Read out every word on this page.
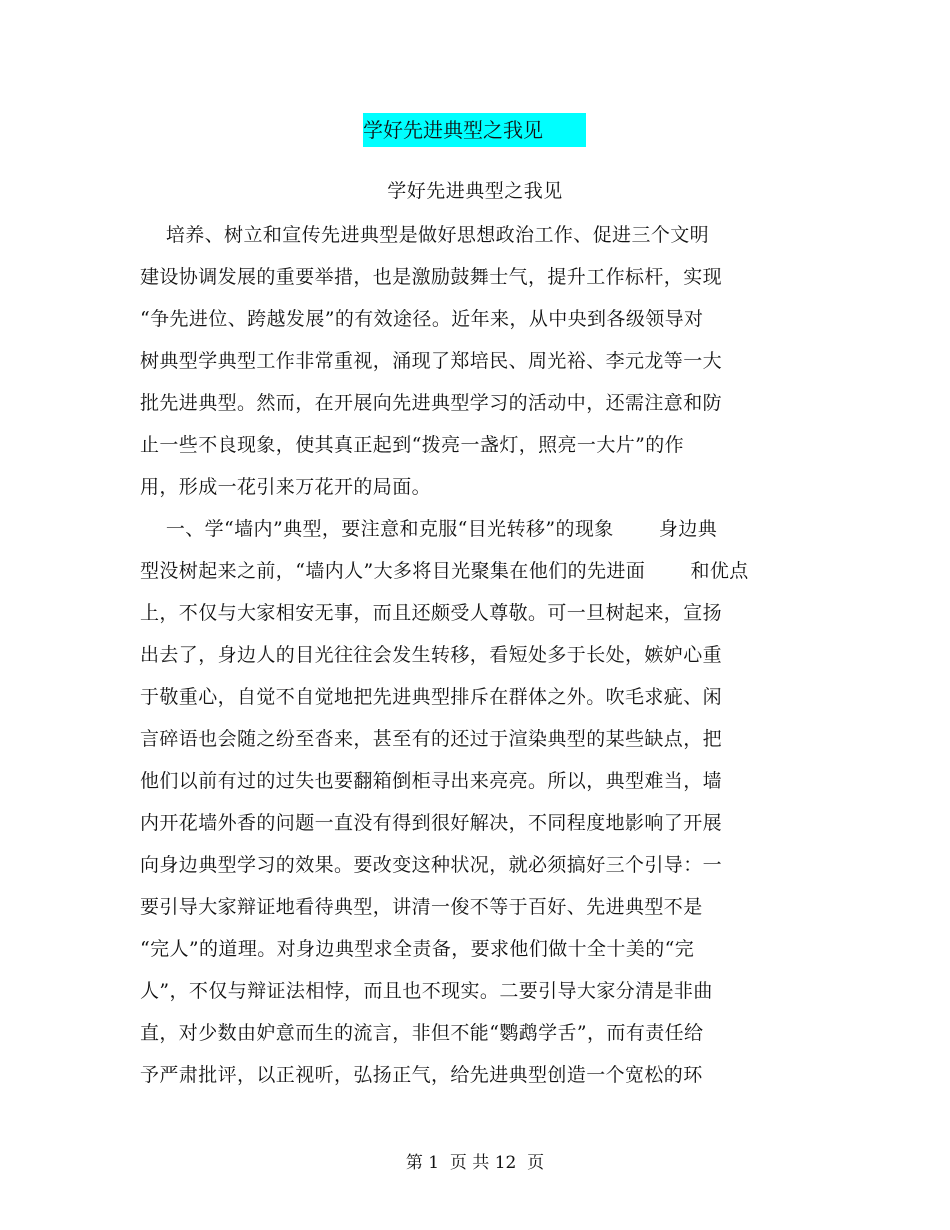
学好先进典型之我见
学好先进典型之我见
　 培养、树立和宣传先进典型是做好思想政治工作、促进三个文明
建设协调发展的重要举措，也是激励鼓舞士气，提升工作标杆，实现
“争先进位、跨越发展”的有效途径。近年来，从中央到各级领导对
树典型学典型工作非常重视，涌现了郑培民、周光裕、李元龙等一大
批先进典型。然而，在开展向先进典型学习的活动中，还需注意和防
止一些不良现象，使其真正起到“拨亮一盏灯，照亮一大片”的作
用，形成一花引来万花开的局面。
　 一、学“墙内”典型，要注意和克服“目光转移”的现象　　 身边典
型没树起来之前，“墙内人”大多将目光聚集在他们的先进面　　 和优点
上，不仅与大家相安无事，而且还颇受人尊敬。可一旦树起来，宣扬
出去了，身边人的目光往往会发生转移，看短处多于长处，嫉妒心重
于敬重心，自觉不自觉地把先进典型排斥在群体之外。吹毛求疵、闲
言碎语也会随之纷至沓来，甚至有的还过于渲染典型的某些缺点，把
他们以前有过的过失也要翻箱倒柜寻出来亮亮。所以，典型难当，墙
内开花墙外香的问题一直没有得到很好解决，不同程度地影响了开展
向身边典型学习的效果。要改变这种状况，就必须搞好三个引导：一
要引导大家辩证地看待典型，讲清一俊不等于百好、先进典型不是
“完人”的道理。对身边典型求全责备，要求他们做十全十美的“完
人”，不仅与辩证法相悖，而且也不现实。二要引导大家分清是非曲
直，对少数由妒意而生的流言，非但不能“鹦鹉学舌”，而有责任给
予严肃批评，以正视听，弘扬正气，给先进典型创造一个宽松的环
第 1  页 共 12  页
